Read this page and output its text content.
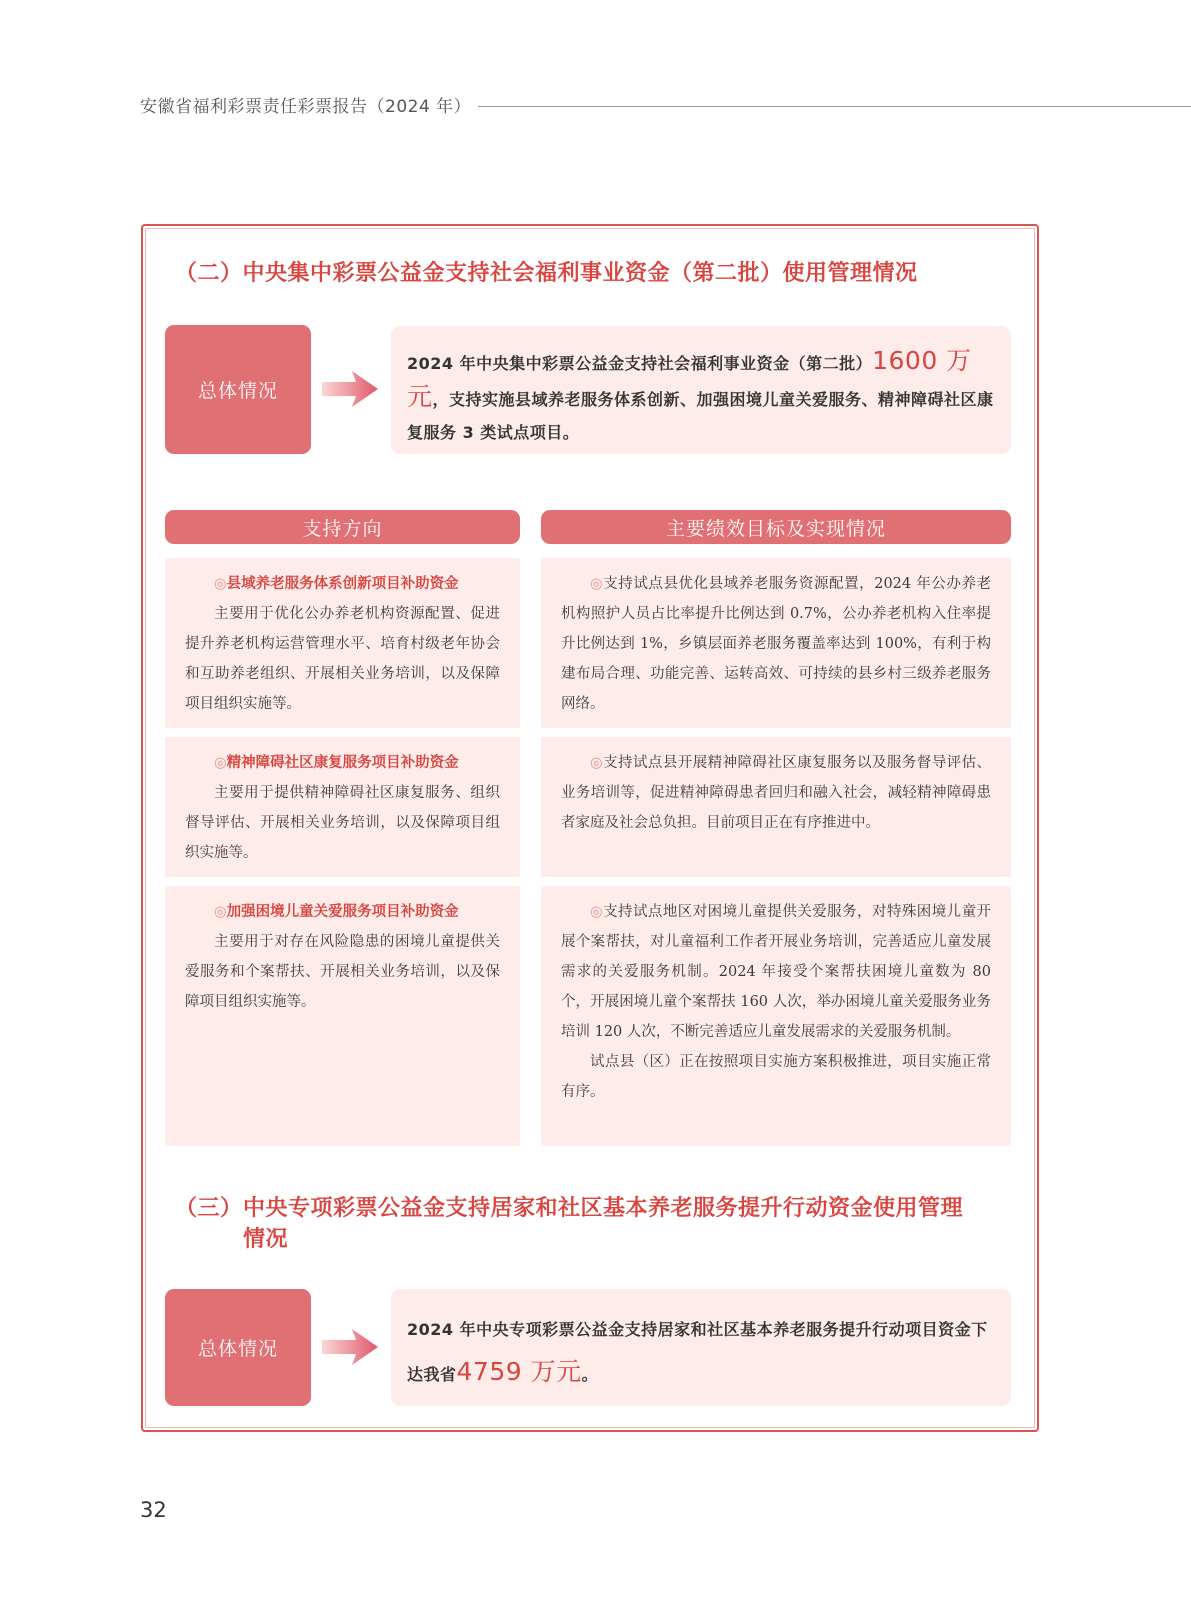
安徽省福利彩票责任彩票报告（2024 年）
（二）中央集中彩票公益金支持社会福利事业资金（第二批）使用管理情况
总体情况
2024 年中央集中彩票公益金支持社会福利事业资金（第二批）1600 万元，支持实施县域养老服务体系创新、加强困境儿童关爱服务、精神障碍社区康复服务 3 类试点项目。
支持方向	主要绩效目标及实现情况

◎县域养老服务体系创新项目补助资金

主要用于优化公办养老机构资源配置、促进提升养老机构运营管理水平、培育村级老年协会和互助养老组织、开展相关业务培训，以及保障项目组织实施等。

◎支持试点县优化县域养老服务资源配置，2024 年公办养老机构照护人员占比率提升比例达到 0.7%，公办养老机构入住率提升比例达到 1%，乡镇层面养老服务覆盖率达到 100%，有利于构建布局合理、功能完善、运转高效、可持续的县乡村三级养老服务网络。

◎精神障碍社区康复服务项目补助资金

主要用于提供精神障碍社区康复服务、组织督导评估、开展相关业务培训，以及保障项目组织实施等。

◎支持试点县开展精神障碍社区康复服务以及服务督导评估、业务培训等，促进精神障碍患者回归和融入社会，减轻精神障碍患者家庭及社会总负担。目前项目正在有序推进中。

◎加强困境儿童关爱服务项目补助资金

主要用于对存在风险隐患的困境儿童提供关爱服务和个案帮扶、开展相关业务培训，以及保障项目组织实施等。

◎支持试点地区对困境儿童提供关爱服务，对特殊困境儿童开展个案帮扶，对儿童福利工作者开展业务培训，完善适应儿童发展需求的关爱服务机制。2024 年接受个案帮扶困境儿童数为 80 个，开展困境儿童个案帮扶 160 人次，举办困境儿童关爱服务业务培训 120 人次，不断完善适应儿童发展需求的关爱服务机制。

试点县（区）正在按照项目实施方案积极推进，项目实施正常有序。

（三） 中央专项彩票公益金支持居家和社区基本养老服务提升行动资金使用管理
情况
总体情况
2024 年中央专项彩票公益金支持居家和社区基本养老服务提升行动项目资金下达我省4759 万元。
32
